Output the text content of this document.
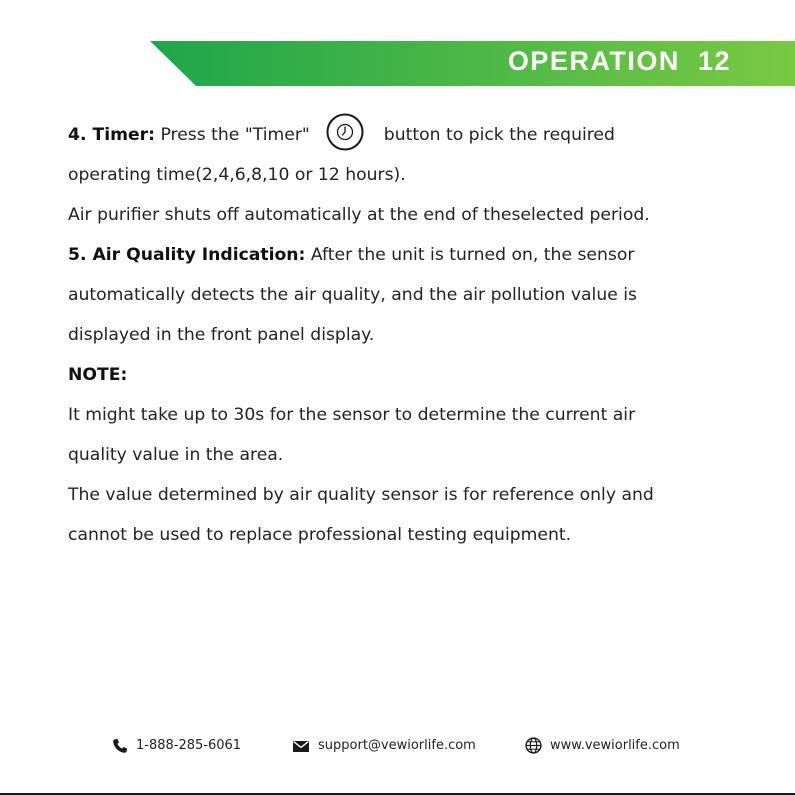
OPERATION 12
4. Timer: Press the "Timer"	button to pick the required
operating time(2,4,6,8,10 or 12 hours).
Air purifier shuts off automatically at the end of theselected period.
5. Air Quality Indication: After the unit is turned on, the sensor
automatically detects the air quality, and the air pollution value is
displayed in the front panel display.
NOTE:
It might take up to 30s for the sensor to determine the current air
quality value in the area.
The value determined by air quality sensor is for reference only and
cannot be used to replace professional testing equipment.
1-888-285-6061	support@vewiorlife.com	www.vewiorlife.com
